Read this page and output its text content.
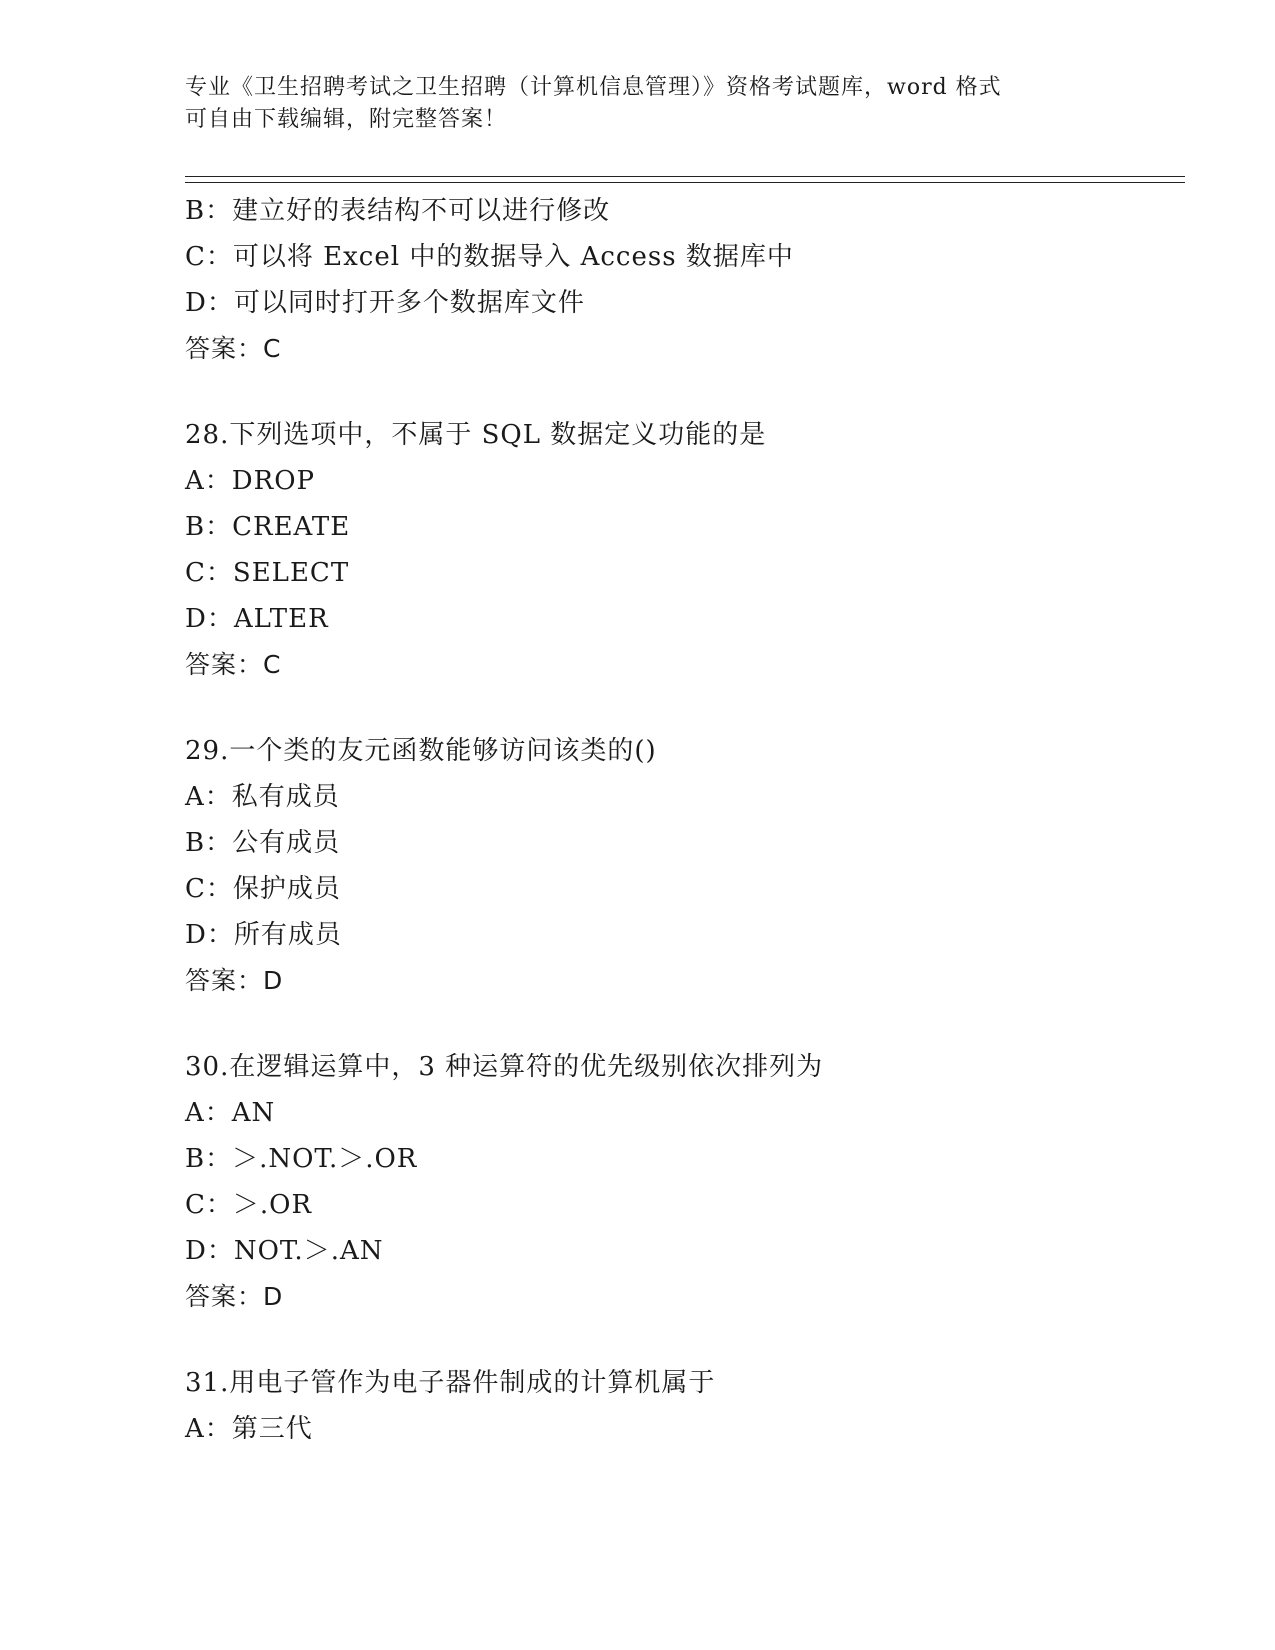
专业《卫生招聘考试之卫生招聘（计算机信息管理）》资格考试题库，word 格式
可自由下载编辑，附完整答案！
B：建立好的表结构不可以进行修改
C：可以将 Excel 中的数据导入 Access 数据库中
D：可以同时打开多个数据库文件
答案：C
28.下列选项中，不属于 SQL 数据定义功能的是
A：DROP
B：CREATE
C：SELECT
D：ALTER
答案：C
29.一个类的友元函数能够访问该类的()
A：私有成员
B：公有成员
C：保护成员
D：所有成员
答案：D
30.在逻辑运算中，3 种运算符的优先级别依次排列为
A：AN
B：＞.NOT.＞.OR
C：＞.OR
D：NOT.＞.AN
答案：D
31.用电子管作为电子器件制成的计算机属于
A：第三代
